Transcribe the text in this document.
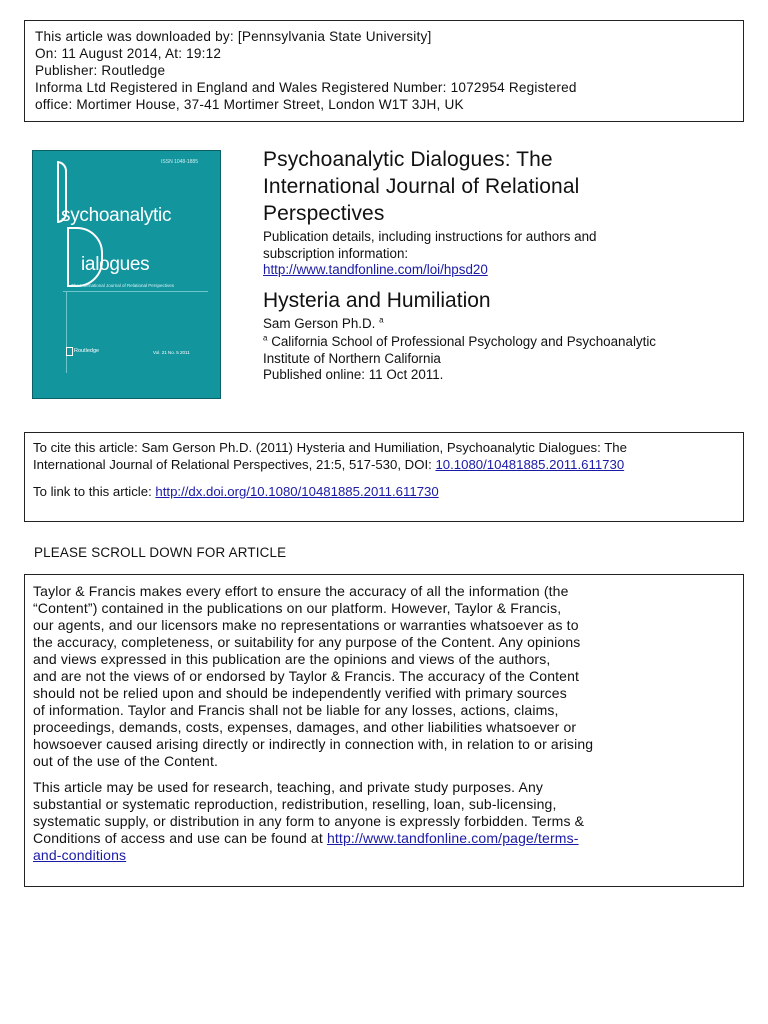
This article was downloaded by: [Pennsylvania State University]
On: 11 August 2014, At: 19:12
Publisher: Routledge
Informa Ltd Registered in England and Wales Registered Number: 1072954 Registered
office: Mortimer House, 37-41 Mortimer Street, London W1T 3JH, UK
ISSN 1048-1885
sychoanalytic
ialogues
The International Journal of Relational Perspectives
Routledge	Vol. 21 No. 5 2011
Psychoanalytic Dialogues: The
International Journal of Relational
Perspectives
Publication details, including instructions for authors and
subscription information:
http://www.tandfonline.com/loi/hpsd20
Hysteria and Humiliation
Sam Gerson Ph.D. $^a$
$^a$ California School of Professional Psychology and Psychoanalytic
Institute of Northern California
Published online: 11 Oct 2011.
To cite this article: Sam Gerson Ph.D. (2011) Hysteria and Humiliation, Psychoanalytic Dialogues: The
International Journal of Relational Perspectives, 21:5, 517-530, DOI: 10.1080/10481885.2011.611730
To link to this article: http://dx.doi.org/10.1080/10481885.2011.611730
PLEASE SCROLL DOWN FOR ARTICLE
Taylor & Francis makes every effort to ensure the accuracy of all the information (the
“Content”) contained in the publications on our platform. However, Taylor & Francis,
our agents, and our licensors make no representations or warranties whatsoever as to
the accuracy, completeness, or suitability for any purpose of the Content. Any opinions
and views expressed in this publication are the opinions and views of the authors,
and are not the views of or endorsed by Taylor & Francis. The accuracy of the Content
should not be relied upon and should be independently verified with primary sources
of information. Taylor and Francis shall not be liable for any losses, actions, claims,
proceedings, demands, costs, expenses, damages, and other liabilities whatsoever or
howsoever caused arising directly or indirectly in connection with, in relation to or arising
out of the use of the Content.
This article may be used for research, teaching, and private study purposes. Any
substantial or systematic reproduction, redistribution, reselling, loan, sub-licensing,
systematic supply, or distribution in any form to anyone is expressly forbidden. Terms &
Conditions of access and use can be found at http://www.tandfonline.com/page/terms-
and-conditions
